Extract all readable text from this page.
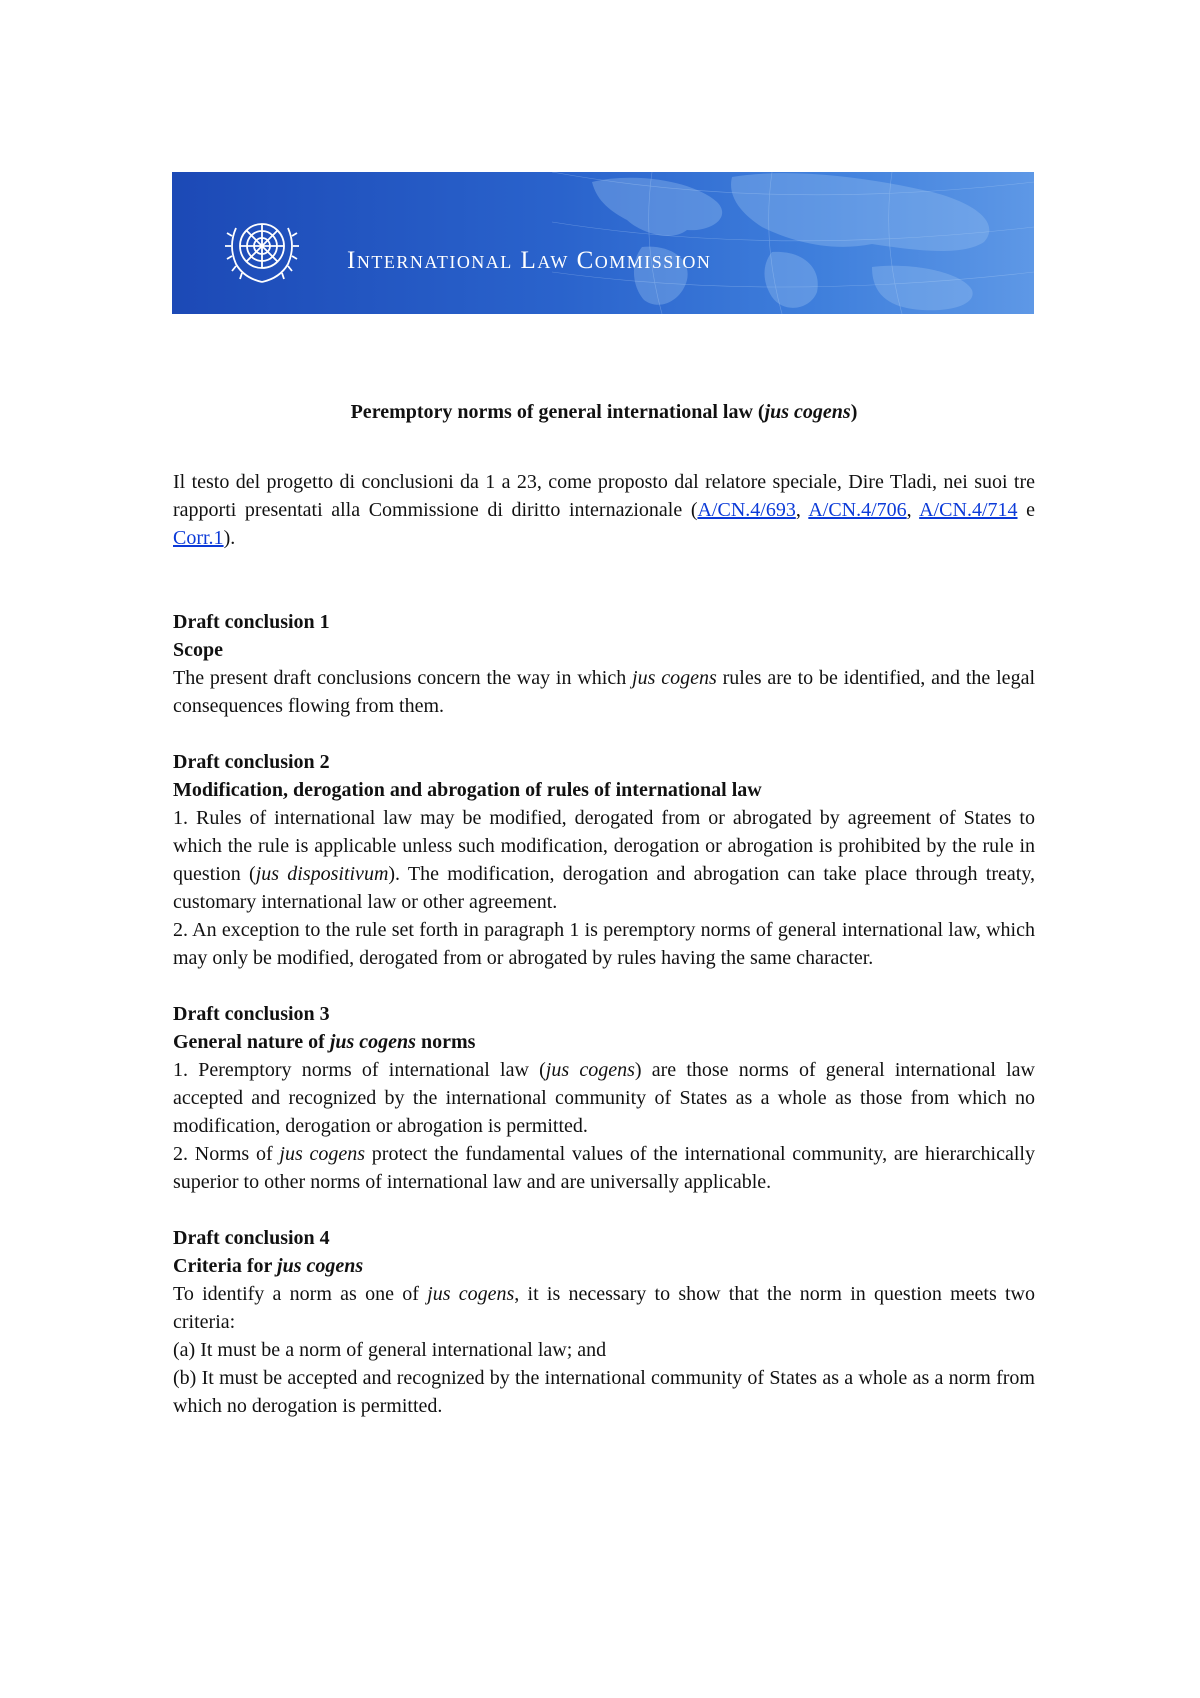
International Law Commission

Peremptory norms of general international law (jus cogens)

Il testo del progetto di conclusioni da 1 a 23, come proposto dal relatore speciale, Dire Tladi, nei suoi tre rapporti presentati alla Commissione di diritto internazionale (A/CN.4/693, A/CN.4/706, A/CN.4/714 e Corr.1).

Draft conclusion 1

Scope

The present draft conclusions concern the way in which jus cogens rules are to be identified, and the legal consequences flowing from them.

Draft conclusion 2

Modification, derogation and abrogation of rules of international law

1. Rules of international law may be modified, derogated from or abrogated by agreement of States to which the rule is applicable unless such modification, derogation or abrogation is prohibited by the rule in question (jus dispositivum). The modification, derogation and abrogation can take place through treaty, customary international law or other agreement.

2. An exception to the rule set forth in paragraph 1 is peremptory norms of general international law, which may only be modified, derogated from or abrogated by rules having the same character.

Draft conclusion 3

General nature of jus cogens norms

1. Peremptory norms of international law (jus cogens) are those norms of general international law accepted and recognized by the international community of States as a whole as those from which no modification, derogation or abrogation is permitted.

2. Norms of jus cogens protect the fundamental values of the international community, are hierarchically superior to other norms of international law and are universally applicable.

Draft conclusion 4

Criteria for jus cogens

To identify a norm as one of jus cogens, it is necessary to show that the norm in question meets two criteria:

(a) It must be a norm of general international law; and

(b) It must be accepted and recognized by the international community of States as a whole as a norm from which no derogation is permitted.
